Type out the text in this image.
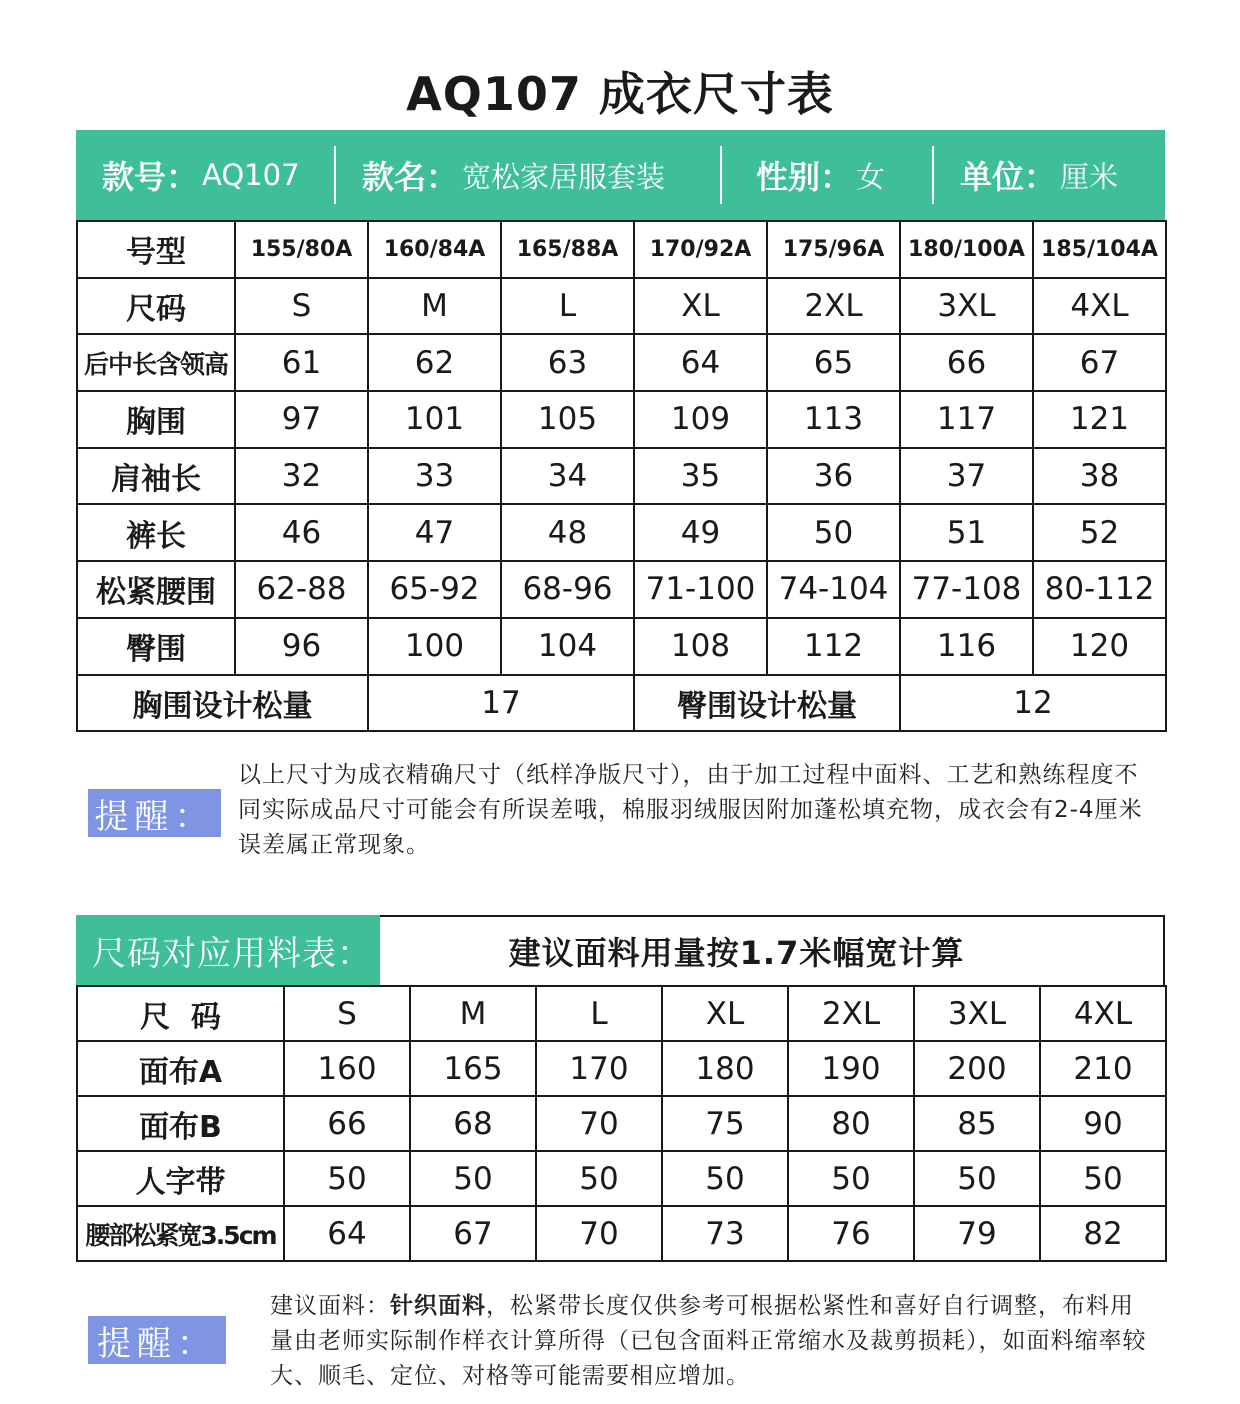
AQ107 成衣尺寸表
款号： AQ107 款名： 宽松家居服套装	性别： 女 单位： 厘米
号型	155/80A	160/84A	165/88A	170/92A	175/96A	180/100A	185/104A
尺码	S	M	L	XL	2XL	3XL	4XL
后中长含领高	61	62	63	64	65	66	67
胸围	97	101	105	109	113	117	121
肩袖长	32	33	34	35	36	37	38
裤长	46	47	48	49	50	51	52
松紧腰围	62-88	65-92	68-96	71-100	74-104	77-108	80-112
臀围	96	100	104	108	112	116	120
胸围设计松量		17		臀围设计松量		12	
提醒：
以上尺寸为成衣精确尺寸（纸样净版尺寸），由于加工过程中面料、工艺和熟练程度不同实际成品尺寸可能会有所误差哦，棉服羽绒服因附加蓬松填充物，成衣会有2-4厘米误差属正常现象。
尺码对应用料表：	建议面料用量按1.7米幅宽计算
尺  码	S	M	L	XL	2XL	3XL	4XL
面布A	160	165	170	180	190	200	210
面布B	66	68	70	75	80	85	90
人字带	50	50	50	50	50	50	50
腰部松紧宽3.5cm	64	67	70	73	76	79	82
提醒：
建议面料：针织面料，松紧带长度仅供参考可根据松紧性和喜好自行调整，布料用量由老师实际制作样衣计算所得（已包含面料正常缩水及裁剪损耗），如面料缩率较大、顺毛、定位、对格等可能需要相应增加。
